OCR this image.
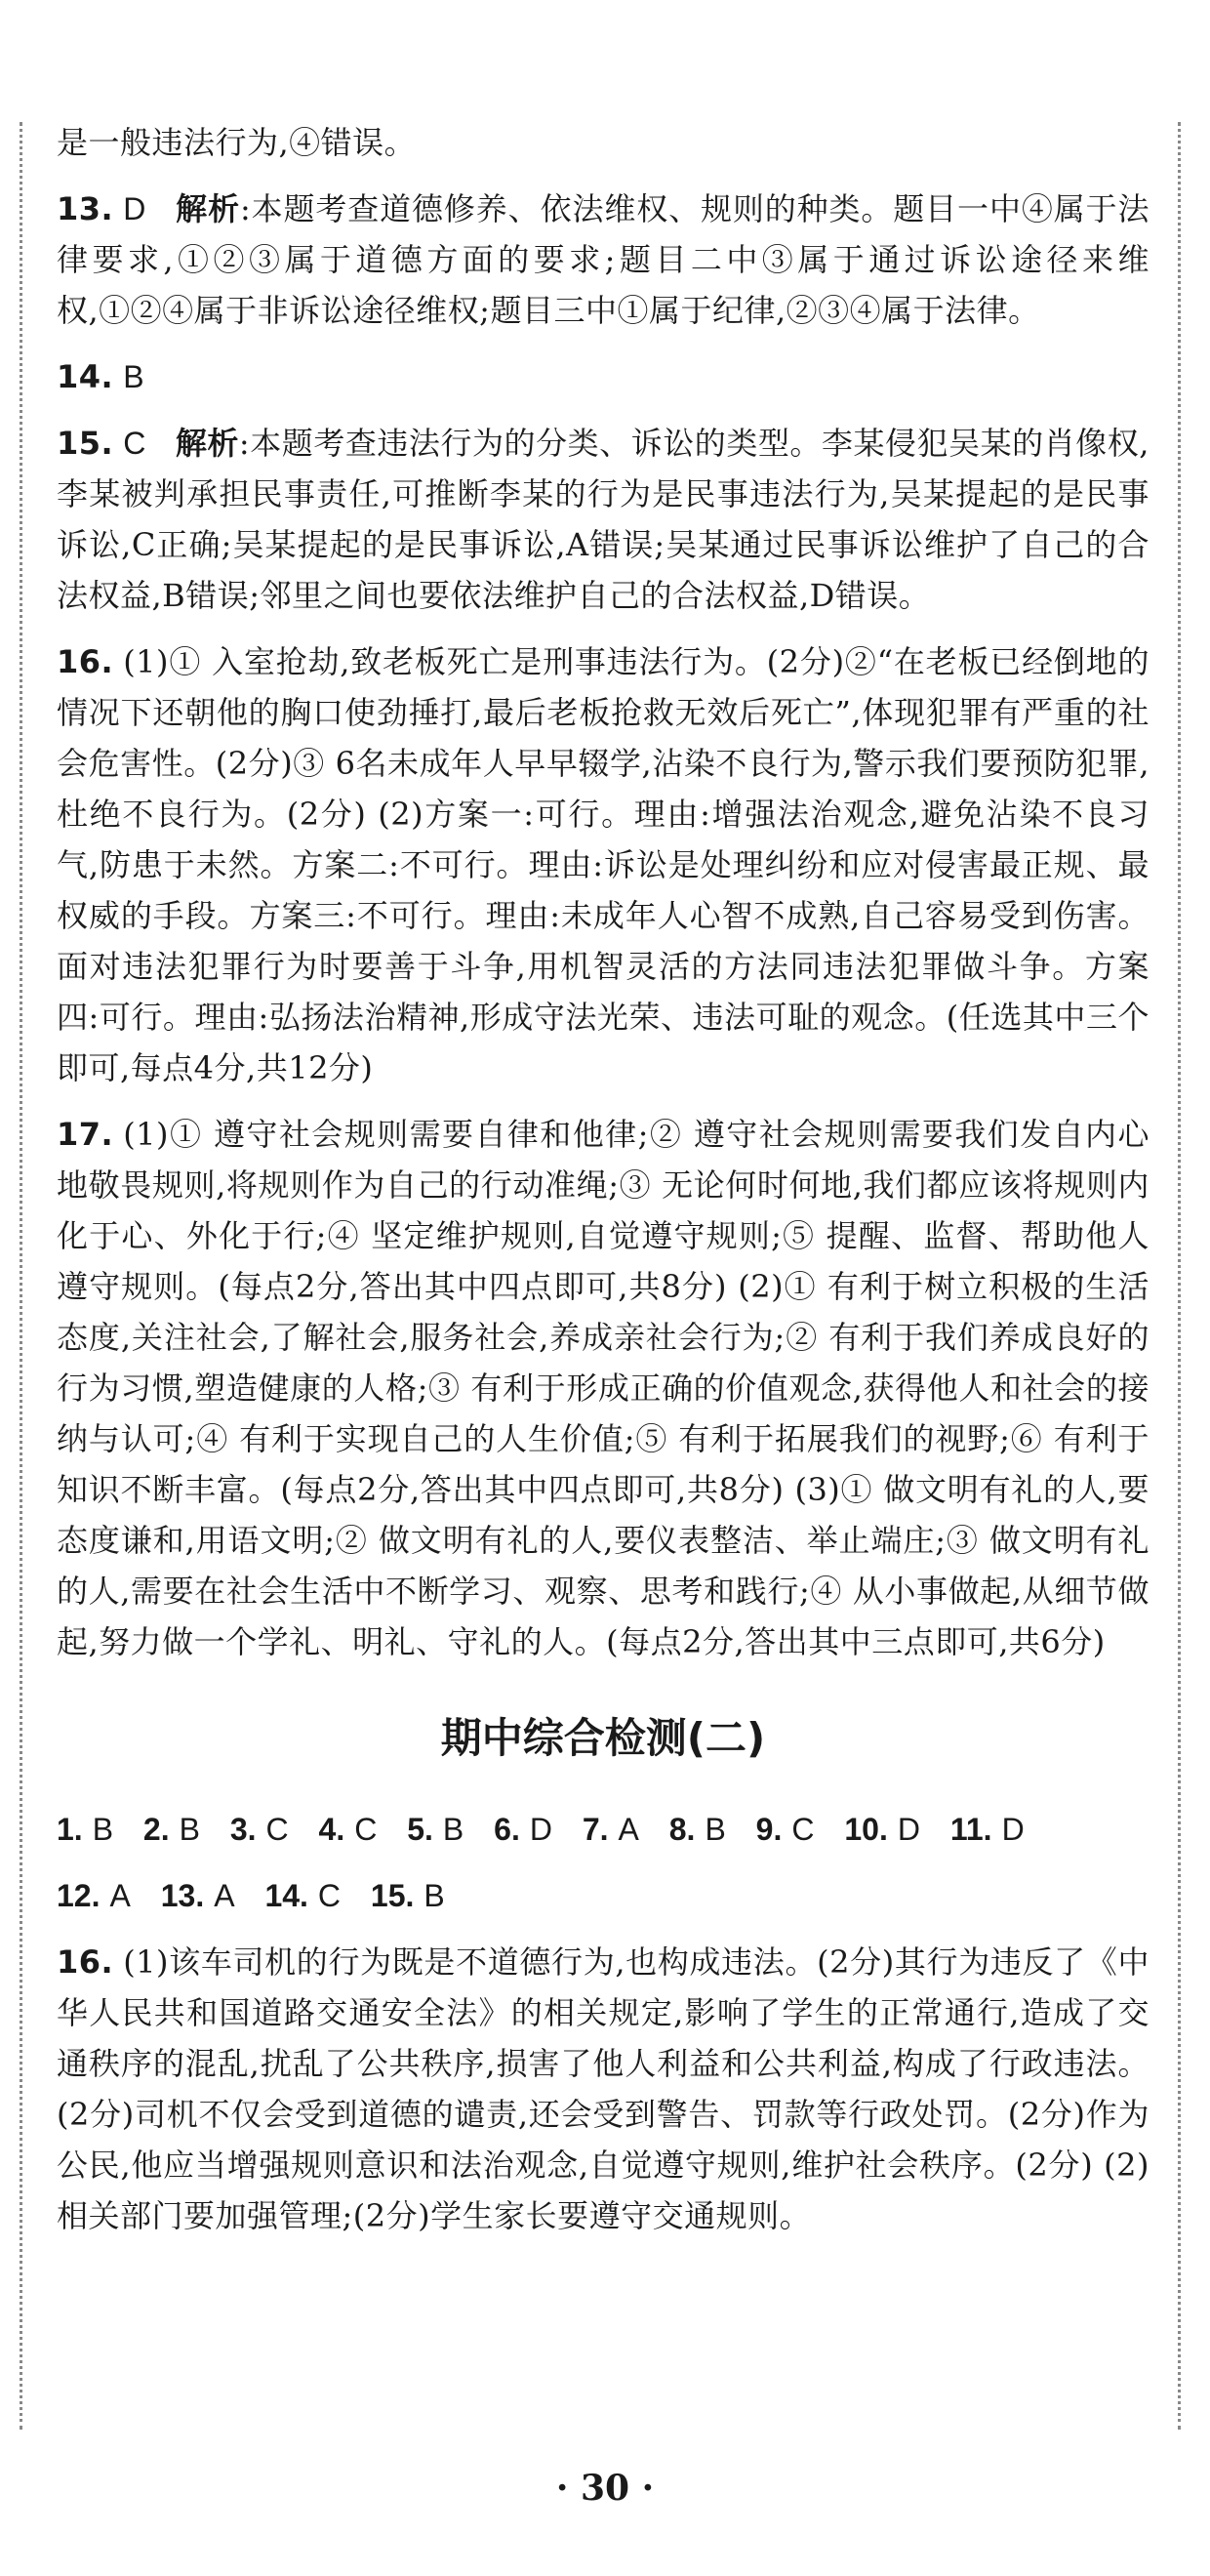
是一般违法行为,④错误。

13. D 解析:本题考查道德修养、依法维权、规则的种类。题目一中④属于法律要求,①②③属于道德方面的要求;题目二中③属于通过诉讼途径来维权,①②④属于非诉讼途径维权;题目三中①属于纪律,②③④属于法律。

14. B

15. C 解析:本题考查违法行为的分类、诉讼的类型。李某侵犯吴某的肖像权,李某被判承担民事责任,可推断李某的行为是民事违法行为,吴某提起的是民事诉讼,C正确;吴某提起的是民事诉讼,A错误;吴某通过民事诉讼维护了自己的合法权益,B错误;邻里之间也要依法维护自己的合法权益,D错误。

16. (1)① 入室抢劫,致老板死亡是刑事违法行为。(2分)②“在老板已经倒地的情况下还朝他的胸口使劲捶打,最后老板抢救无效后死亡”,体现犯罪有严重的社会危害性。(2分)③ 6名未成年人早早辍学,沾染不良行为,警示我们要预防犯罪,杜绝不良行为。(2分) (2)方案一:可行。理由:增强法治观念,避免沾染不良习气,防患于未然。方案二:不可行。理由:诉讼是处理纠纷和应对侵害最正规、最权威的手段。方案三:不可行。理由:未成年人心智不成熟,自己容易受到伤害。面对违法犯罪行为时要善于斗争,用机智灵活的方法同违法犯罪做斗争。方案四:可行。理由:弘扬法治精神,形成守法光荣、违法可耻的观念。(任选其中三个即可,每点4分,共12分)

17. (1)① 遵守社会规则需要自律和他律;② 遵守社会规则需要我们发自内心地敬畏规则,将规则作为自己的行动准绳;③ 无论何时何地,我们都应该将规则内化于心、外化于行;④ 坚定维护规则,自觉遵守规则;⑤ 提醒、监督、帮助他人遵守规则。(每点2分,答出其中四点即可,共8分) (2)① 有利于树立积极的生活态度,关注社会,了解社会,服务社会,养成亲社会行为;② 有利于我们养成良好的行为习惯,塑造健康的人格;③ 有利于形成正确的价值观念,获得他人和社会的接纳与认可;④ 有利于实现自己的人生价值;⑤ 有利于拓展我们的视野;⑥ 有利于知识不断丰富。(每点2分,答出其中四点即可,共8分) (3)① 做文明有礼的人,要态度谦和,用语文明;② 做文明有礼的人,要仪表整洁、举止端庄;③ 做文明有礼的人,需要在社会生活中不断学习、观察、思考和践行;④ 从小事做起,从细节做起,努力做一个学礼、明礼、守礼的人。(每点2分,答出其中三点即可,共6分)

期中综合检测(二)
1. B 2. B 3. C 4. C 5. B 6. D 7. A 8. B 9. C 10. D 11. D
12. A 13. A 14. C 15. B

16. (1)该车司机的行为既是不道德行为,也构成违法。(2分)其行为违反了《中华人民共和国道路交通安全法》的相关规定,影响了学生的正常通行,造成了交通秩序的混乱,扰乱了公共秩序,损害了他人利益和公共利益,构成了行政违法。(2分)司机不仅会受到道德的谴责,还会受到警告、罚款等行政处罚。(2分)作为公民,他应当增强规则意识和法治观念,自觉遵守规则,维护社会秩序。(2分) (2)相关部门要加强管理;(2分)学生家长要遵守交通规则。

· 30 ·
